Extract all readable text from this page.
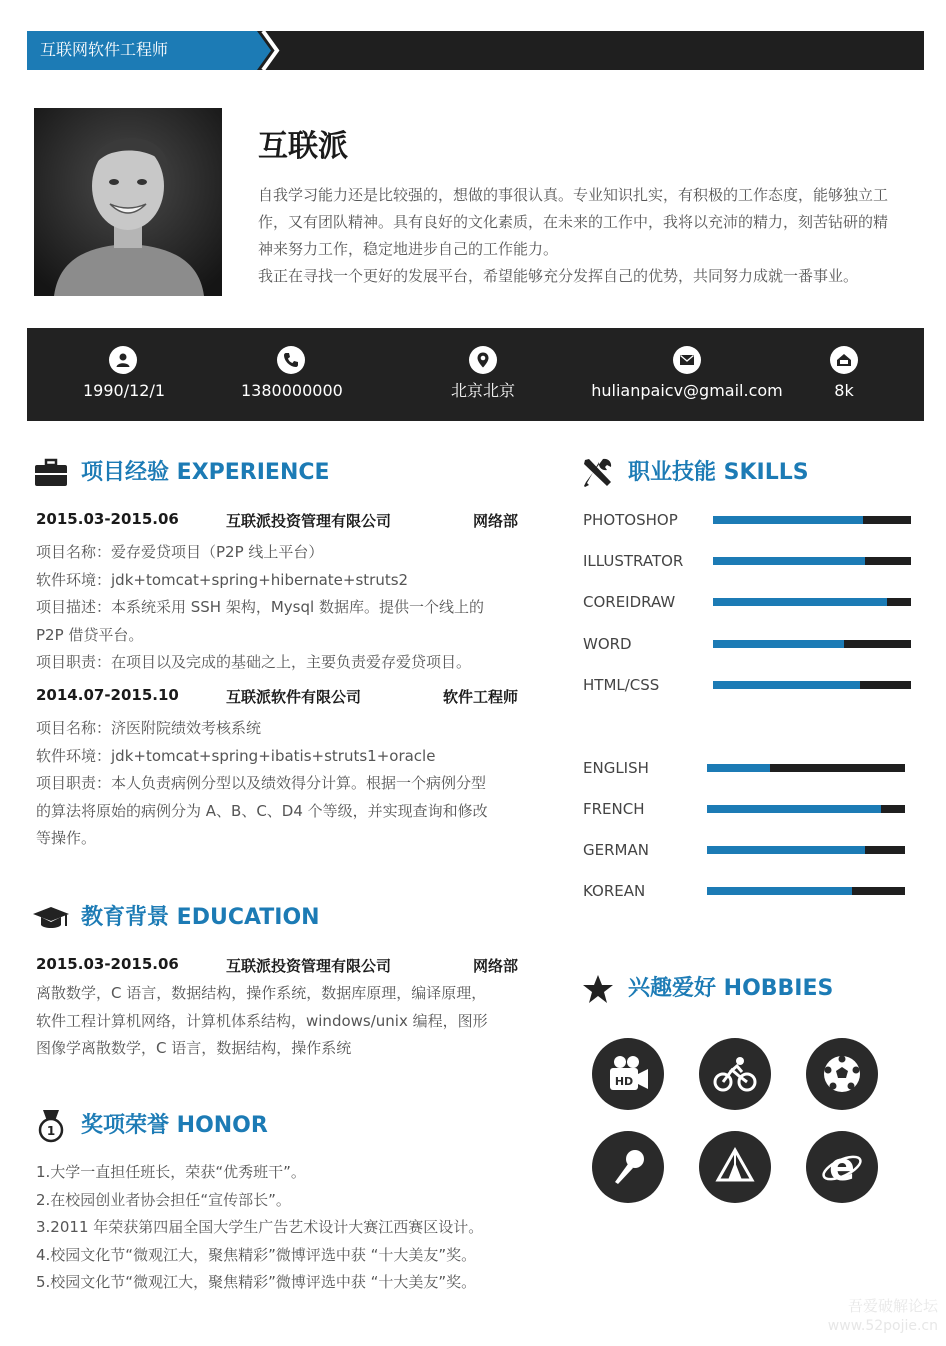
互联网软件工程师
互联派
自我学习能力还是比较强的，想做的事很认真。专业知识扎实，有积极的工作态度，能够独立工
作，又有团队精神。具有良好的文化素质，在未来的工作中，我将以充沛的精力，刻苦钻研的精
神来努力工作，稳定地进步自己的工作能力。
我正在寻找一个更好的发展平台，希望能够充分发挥自己的优势，共同努力成就一番事业。
1990/12/1	1380000000	北京北京	hulianpaicv@gmail.com	8k
项目经验 EXPERIENCE
2015.03-2015.06	互联派投资管理有限公司	网络部
项目名称：爱存爱贷项目（P2P 线上平台）
软件环境：jdk+tomcat+spring+hibernate+struts2
项目描述：本系统采用 SSH 架构，Mysql 数据库。提供一个线上的
P2P 借贷平台。
项目职责：在项目以及完成的基础之上，主要负责爱存爱贷项目。
2014.07-2015.10	互联派软件有限公司	软件工程师
项目名称：济医附院绩效考核系统
软件环境：jdk+tomcat+spring+ibatis+struts1+oracle
项目职责：本人负责病例分型以及绩效得分计算。根据一个病例分型
的算法将原始的病例分为 A、B、C、D4 个等级，并实现查询和修改
等操作。
教育背景 EDUCATION
2015.03-2015.06	互联派投资管理有限公司	网络部
离散数学，C 语言，数据结构，操作系统，数据库原理，编译原理，
软件工程计算机网络，计算机体系结构，windows/unix 编程，图形
图像学离散数学，C 语言，数据结构，操作系统
1 奖项荣誉 HONOR
1.大学一直担任班长，荣获“优秀班干”。
2.在校园创业者协会担任“宣传部长”。
3.2011 年荣获第四届全国大学生广告艺术设计大赛江西赛区设计。
4.校园文化节“微观江大，聚焦精彩”微博评选中获 “十大美友”奖。
5.校园文化节“微观江大，聚焦精彩”微博评选中获 “十大美友”奖。
职业技能 SKILLS
PHOTOSHOP
ILLUSTRATOR
COREIDRAW
WORD
HTML/CSS
ENGLISH
FRENCH
GERMAN
KOREAN
兴趣爱好 HOBBIES
HD
e
吾爱破解论坛
www.52pojie.cn
